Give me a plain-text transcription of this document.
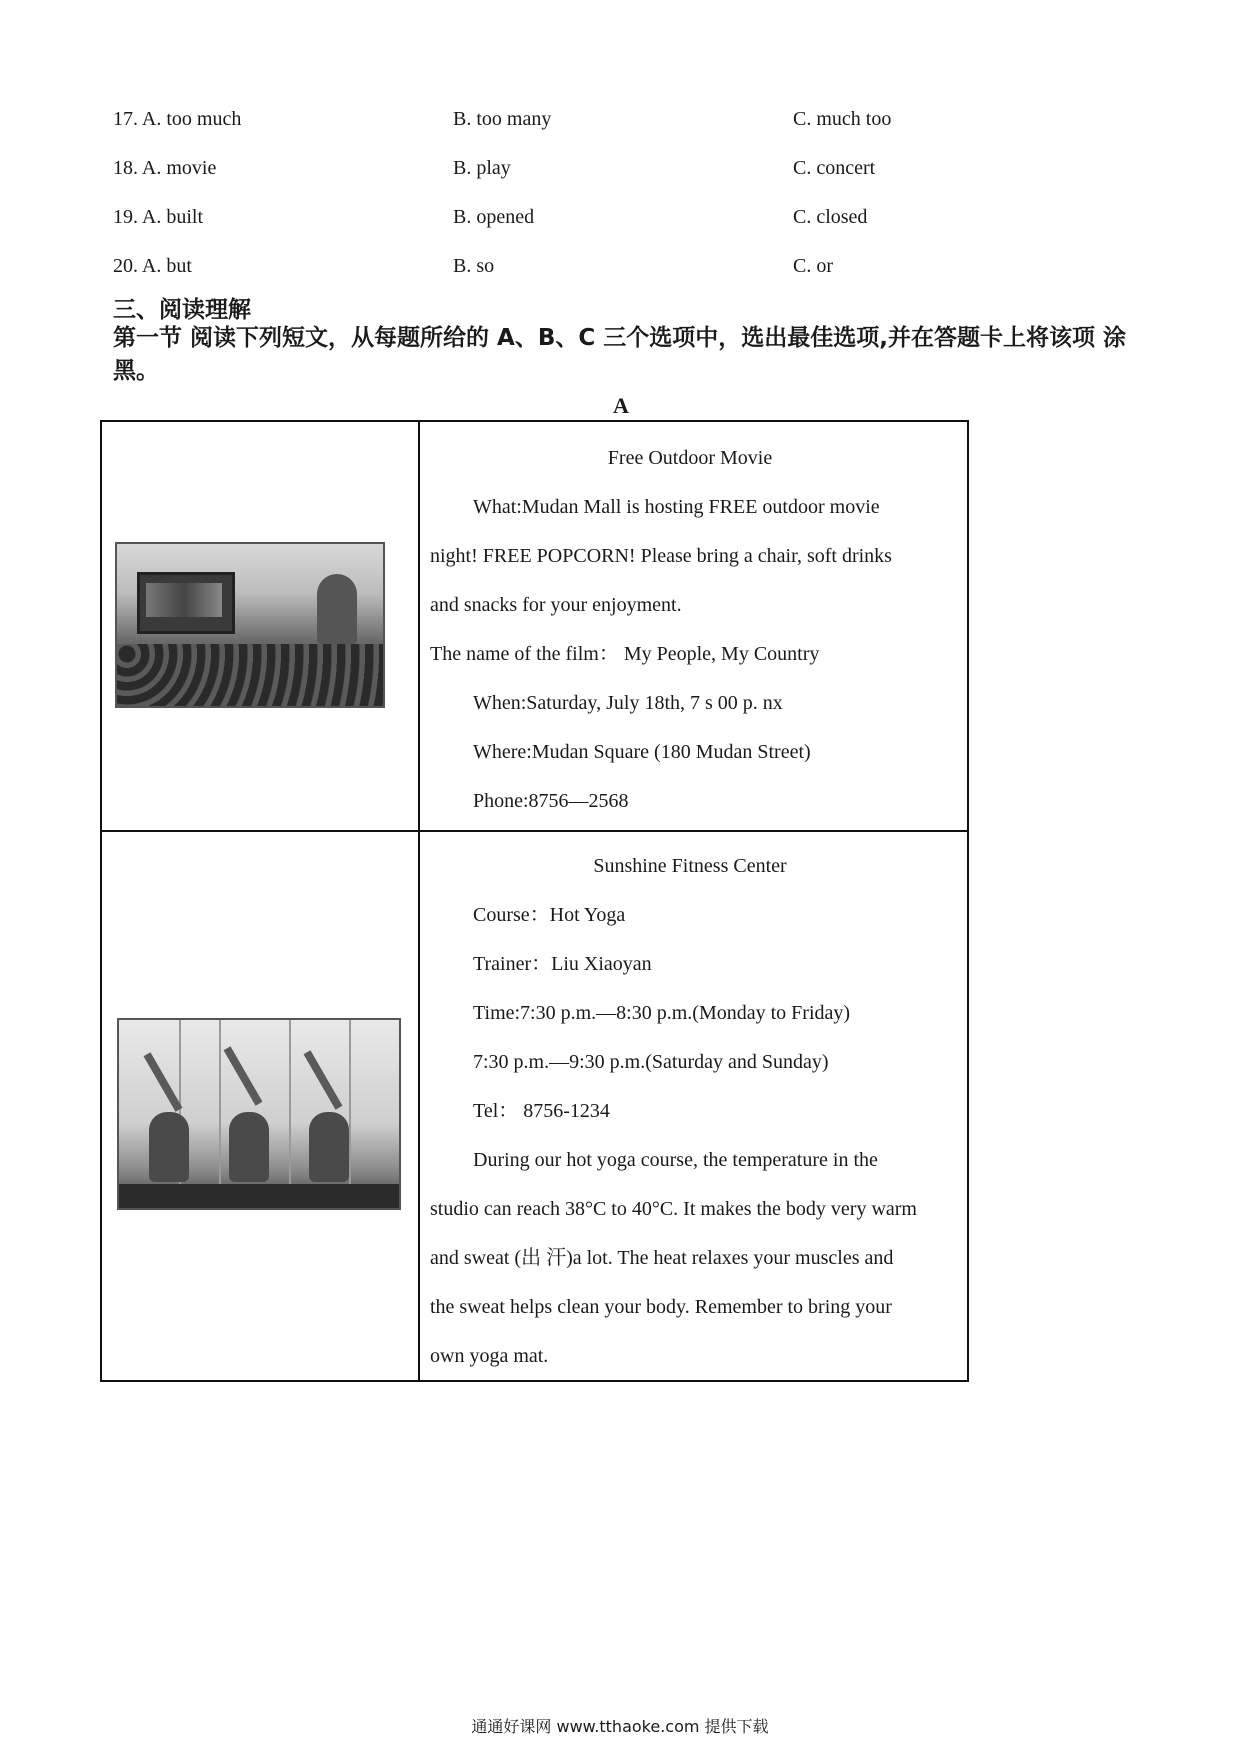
17. A. too much	B. too many	C. much too
18. A. movie	B. play	C. concert
19. A. built	B. opened	C. closed
20. A. but	B. so	C. or
三、阅读理解
第一节 阅读下列短文，从每题所给的 A、B、C 三个选项中，选出最佳选项,并在答题卡上将该项 涂黑。
A
Free Outdoor Movie
What:Mudan Mall is hosting FREE outdoor movie
night! FREE POPCORN! Please bring a chair, soft drinks
and snacks for your enjoyment.
The name of the film： My People, My Country
When:Saturday, July 18th, 7 s 00 p. nx
Where:Mudan Square (180 Mudan Street)
Phone:8756—2568
Sunshine Fitness Center
Course：Hot Yoga
Trainer：Liu Xiaoyan
Time:7:30 p.m.—8:30 p.m.(Monday to Friday)
7:30 p.m.—9:30 p.m.(Saturday and Sunday)
Tel： 8756-1234
During our hot yoga course, the temperature in the
studio can reach 38°C to 40°C. It makes the body very warm
and sweat (出 汗)a lot. The heat relaxes your muscles and
the sweat helps clean your body. Remember to bring your
own yoga mat.
通通好课网 www.tthaoke.com 提供下载
